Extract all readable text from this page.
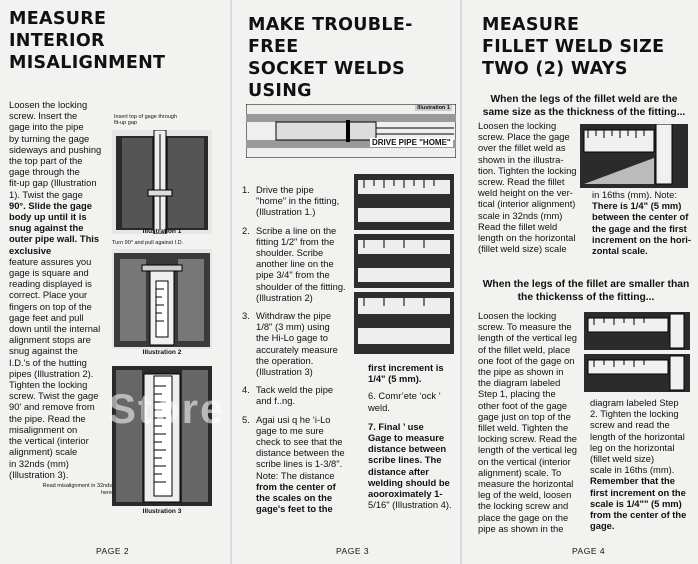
MEASURE
INTERIOR
MISALIGNMENT
Loosen the locking
screw. Insert the
gage into the pipe
by turning the gage
sideways and pushing
the top part of the
gage through the
fit-up gap (Illustration
1). Twist the gage
90°. Slide the gage
body up until it is
snug against the
outer pipe wall. This
exclusive
feature assures you
gage is square and
reading displayed is
correct. Place your
fingers on top of the
gage feet and pull
down until the internal
alignment stops are
snug against the
I.D.'s of the hutting
pipes (Illustration 2).
Tighten the locking
screw. Twist the gage
90' and remove from
the pipe. Read the
misalignment on
the vertical (interior
alignment) scale
in 32nds (mm)
(Illustration 3).
Insert top of gage through fit-up gap
Illustration 1
Turn 90° and pull against I.D.
Illustration 2
Illustration 3
Read misalignment in 32nds here
Store
PAGE 2
MAKE TROUBLE-FREE
SOCKET WELDS USING
Illustration 1
DRIVE PIPE "HOME"
1. Drive the pipe
"home" in the fitting,
(Illustration 1.)
2. Scribe a line on the
fitting 1/2" from the
shoulder. Scribe
another line on the
pipe 3/4" from the
shoulder of the fitting.
(Illustration 2)
3. Withdraw the pipe
1/8" (3 mm) using
the Hi-Lo gage to
accurately measure
the operation.
(Illustration 3)
4. Tack weld the pipe
and f..ng.
5. Agai usi q he ‘i-Lo
gage to me sure
check to see that the
distance between the
scribe lines is 1-3/8".
Note: The distance
from the center of
the scales on the
gage's feet to the
first increment is
1/4" (5 mm).
6. Comr’ete ‘ock ’ weld.
7. Final ’ use
Gage to measure
distance between
scribe lines. The
distance after
welding should be
aooroximately 1-
5/16" (Illustration 4).
PAGE 3
MEASURE
FILLET WELD SIZE
TWO (2) WAYS
When the legs of the fillet weld are the same size as the thickness of the fitting...
Loosen the locking
screw. Place the gage
over the fillet weld as
shown in the illustra-
tion. Tighten the locking
screw. Read the fillet
weld height on the ver-
tical (interior alignment)
scale in 32nds (mm)
Read the fillet weld
length on the horizontal
(fillet weld size) scale
in 16ths (mm). Note:
There is 1/4" (5 mm)
between the center of
the gage and the first
increment on the hori-
zontal scale.
When the legs of the fillet are smaller than the thickenss of the fitting...
Loosen the locking
screw. To measure the
length of the vertical leg
of the fillet weld, place
one foot of the gage on
the pipe as shown in
the diagram labeled
Step 1, placing the
other foot of the gage
gage just on top of the
fillet weld. Tighten the
locking screw. Read the
length of the vertical leg
on the vertical (interior
alignment) scale. To
measure the horizontal
leg of the weld, loosen
the locking screw and
place the gage on the
pipe as shown in the
diagram labeled Step
2. Tighten the locking
screw and read the
length of the horizontal
leg on the horizontal
(fillet weld size)
scale in 16ths (mm).
Remember that the
first increment on the
scale is 1/4"" (5 mm)
from the center of the
gage.
PAGE 4
